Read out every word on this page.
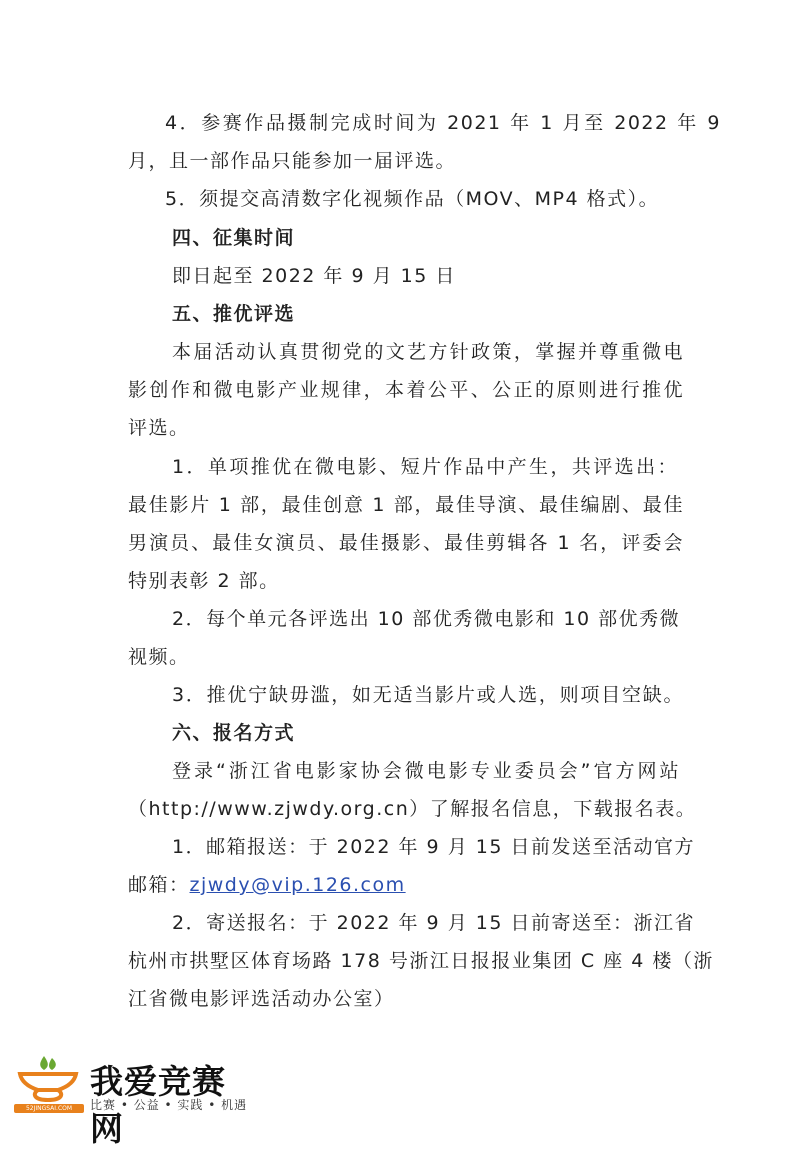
4．参赛作品摄制完成时间为 2021 年 1 月至 2022 年 9
月，且一部作品只能参加一届评选。
5．须提交高清数字化视频作品（MOV、MP4 格式）。
四、征集时间
即日起至 2022 年 9 月 15 日
五、推优评选
本届活动认真贯彻党的文艺方针政策，掌握并尊重微电
影创作和微电影产业规律，本着公平、公正的原则进行推优
评选。
1．单项推优在微电影、短片作品中产生，共评选出：
最佳影片 1 部，最佳创意 1 部，最佳导演、最佳编剧、最佳
男演员、最佳女演员、最佳摄影、最佳剪辑各 1 名，评委会
特别表彰 2 部。
2．每个单元各评选出 10 部优秀微电影和 10 部优秀微
视频。
3．推优宁缺毋滥，如无适当影片或人选，则项目空缺。
六、报名方式
登录“浙江省电影家协会微电影专业委员会”官方网站
（http://www.zjwdy.org.cn）了解报名信息，下载报名表。
1．邮箱报送：于 2022 年 9 月 15 日前发送至活动官方
邮箱：zjwdy@vip.126.com
2．寄送报名：于 2022 年 9 月 15 日前寄送至：浙江省
杭州市拱墅区体育场路 178 号浙江日报报业集团 C 座 4 楼（浙
江省微电影评选活动办公室）
52JINGSAI.COM
我爱竞赛网
比赛 • 公益 • 实践 • 机遇
